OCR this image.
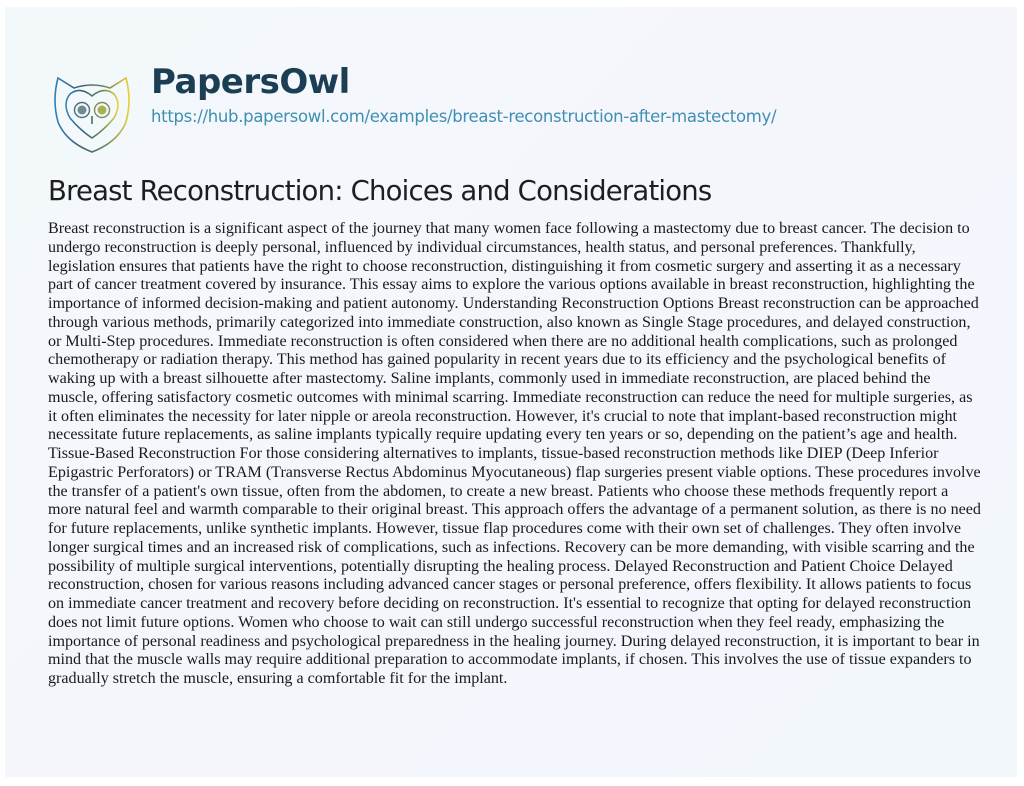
PapersOwl
https://hub.papersowl.com/examples/breast-reconstruction-after-mastectomy/
Breast Reconstruction: Choices and Considerations
Breast reconstruction is a significant aspect of the journey that many women face following a mastectomy due to breast cancer. The decision to
undergo reconstruction is deeply personal, influenced by individual circumstances, health status, and personal preferences. Thankfully,
legislation ensures that patients have the right to choose reconstruction, distinguishing it from cosmetic surgery and asserting it as a necessary
part of cancer treatment covered by insurance. This essay aims to explore the various options available in breast reconstruction, highlighting the
importance of informed decision-making and patient autonomy. Understanding Reconstruction Options Breast reconstruction can be approached
through various methods, primarily categorized into immediate construction, also known as Single Stage procedures, and delayed construction,
or Multi-Step procedures. Immediate reconstruction is often considered when there are no additional health complications, such as prolonged
chemotherapy or radiation therapy. This method has gained popularity in recent years due to its efficiency and the psychological benefits of
waking up with a breast silhouette after mastectomy. Saline implants, commonly used in immediate reconstruction, are placed behind the
muscle, offering satisfactory cosmetic outcomes with minimal scarring. Immediate reconstruction can reduce the need for multiple surgeries, as
it often eliminates the necessity for later nipple or areola reconstruction. However, it's crucial to note that implant-based reconstruction might
necessitate future replacements, as saline implants typically require updating every ten years or so, depending on the patient’s age and health.
Tissue-Based Reconstruction For those considering alternatives to implants, tissue-based reconstruction methods like DIEP (Deep Inferior
Epigastric Perforators) or TRAM (Transverse Rectus Abdominus Myocutaneous) flap surgeries present viable options. These procedures involve
the transfer of a patient's own tissue, often from the abdomen, to create a new breast. Patients who choose these methods frequently report a
more natural feel and warmth comparable to their original breast. This approach offers the advantage of a permanent solution, as there is no need
for future replacements, unlike synthetic implants. However, tissue flap procedures come with their own set of challenges. They often involve
longer surgical times and an increased risk of complications, such as infections. Recovery can be more demanding, with visible scarring and the
possibility of multiple surgical interventions, potentially disrupting the healing process. Delayed Reconstruction and Patient Choice Delayed
reconstruction, chosen for various reasons including advanced cancer stages or personal preference, offers flexibility. It allows patients to focus
on immediate cancer treatment and recovery before deciding on reconstruction. It's essential to recognize that opting for delayed reconstruction
does not limit future options. Women who choose to wait can still undergo successful reconstruction when they feel ready, emphasizing the
importance of personal readiness and psychological preparedness in the healing journey. During delayed reconstruction, it is important to bear in
mind that the muscle walls may require additional preparation to accommodate implants, if chosen. This involves the use of tissue expanders to
gradually stretch the muscle, ensuring a comfortable fit for the implant.
